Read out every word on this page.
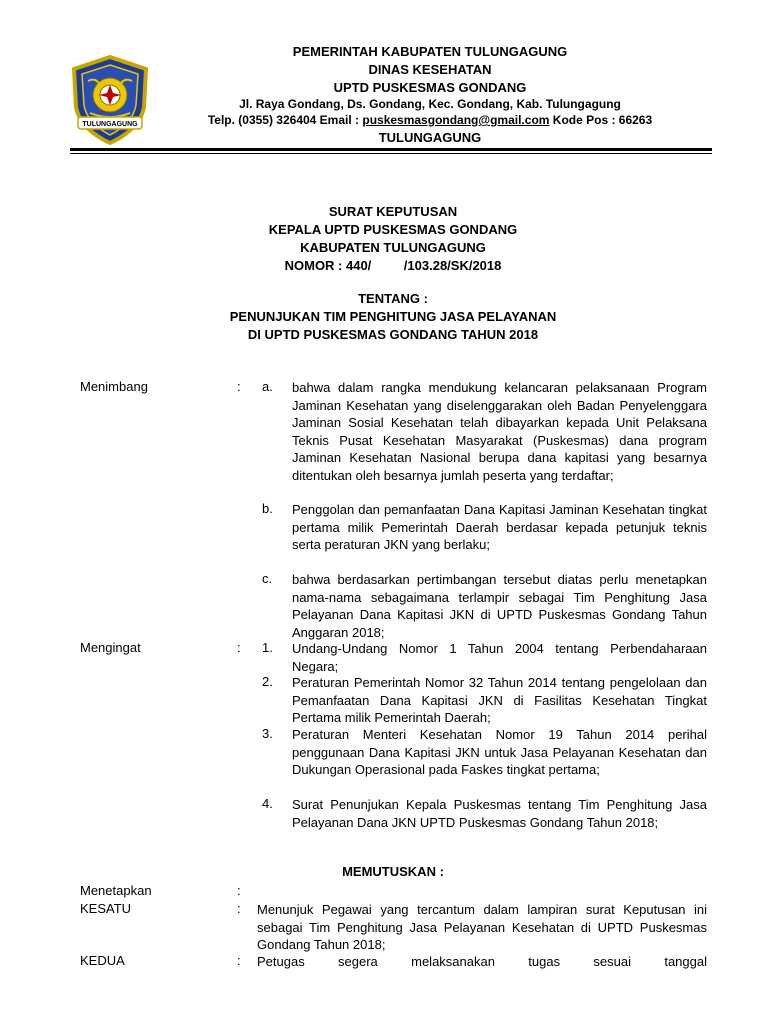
TULUNGAGUNG
PEMERINTAH KABUPATEN TULUNGAGUNG
DINAS KESEHATAN
UPTD PUSKESMAS GONDANG
Jl. Raya Gondang, Ds. Gondang, Kec. Gondang, Kab. Tulungagung
Telp. (0355) 326404 Email : puskesmasgondang@gmail.com Kode Pos : 66263
TULUNGAGUNG
SURAT KEPUTUSAN
KEPALA UPTD PUSKESMAS GONDANG
KABUPATEN TULUNGAGUNG
NOMOR : 440/         /103.28/SK/2018
TENTANG :
PENUNJUKAN TIM PENGHITUNG JASA PELAYANAN
DI UPTD PUSKESMAS GONDANG TAHUN 2018
Menimbang	: a. bahwa dalam rangka mendukung kelancaran pelaksanaan Program Jaminan Kesehatan yang diselenggarakan oleh Badan Penyelenggara Jaminan Sosial Kesehatan telah dibayarkan kepada Unit Pelaksana Teknis Pusat Kesehatan Masyarakat (Puskesmas) dana program Jaminan Kesehatan Nasional berupa dana kapitasi yang besarnya ditentukan oleh besarnya jumlah peserta yang terdaftar;

b. Penggolan dan pemanfaatan Dana Kapitasi Jaminan Kesehatan tingkat pertama milik Pemerintah Daerah berdasar kepada petunjuk teknis serta peraturan JKN yang berlaku;

c. bahwa berdasarkan pertimbangan tersebut diatas perlu menetapkan nama-nama sebagaimana terlampir sebagai Tim Penghitung Jasa Pelayanan Dana Kapitasi JKN di UPTD Puskesmas Gondang Tahun Anggaran 2018;

Mengingat	: 1. Undang-Undang Nomor 1 Tahun 2004 tentang Perbendaharaan Negara;

2. Peraturan Pemerintah Nomor 32 Tahun 2014 tentang pengelolaan dan Pemanfaatan Dana Kapitasi JKN di Fasilitas Kesehatan Tingkat Pertama milik Pemerintah Daerah;

3. Peraturan Menteri Kesehatan Nomor 19 Tahun 2014 perihal penggunaan Dana Kapitasi JKN untuk Jasa Pelayanan Kesehatan dan Dukungan Operasional pada Faskes tingkat pertama;

4. Surat Penunjukan Kepala Puskesmas tentang Tim Penghitung Jasa Pelayanan Dana JKN UPTD Puskesmas Gondang Tahun 2018;

MEMUTUSKAN :
Menetapkan	:
KESATU	: Menunjuk Pegawai yang tercantum dalam lampiran surat Keputusan ini sebagai Tim Penghitung Jasa Pelayanan Kesehatan di UPTD Puskesmas Gondang Tahun 2018;

KEDUA	: Petugas segera melaksanakan tugas sesuai tanggal
